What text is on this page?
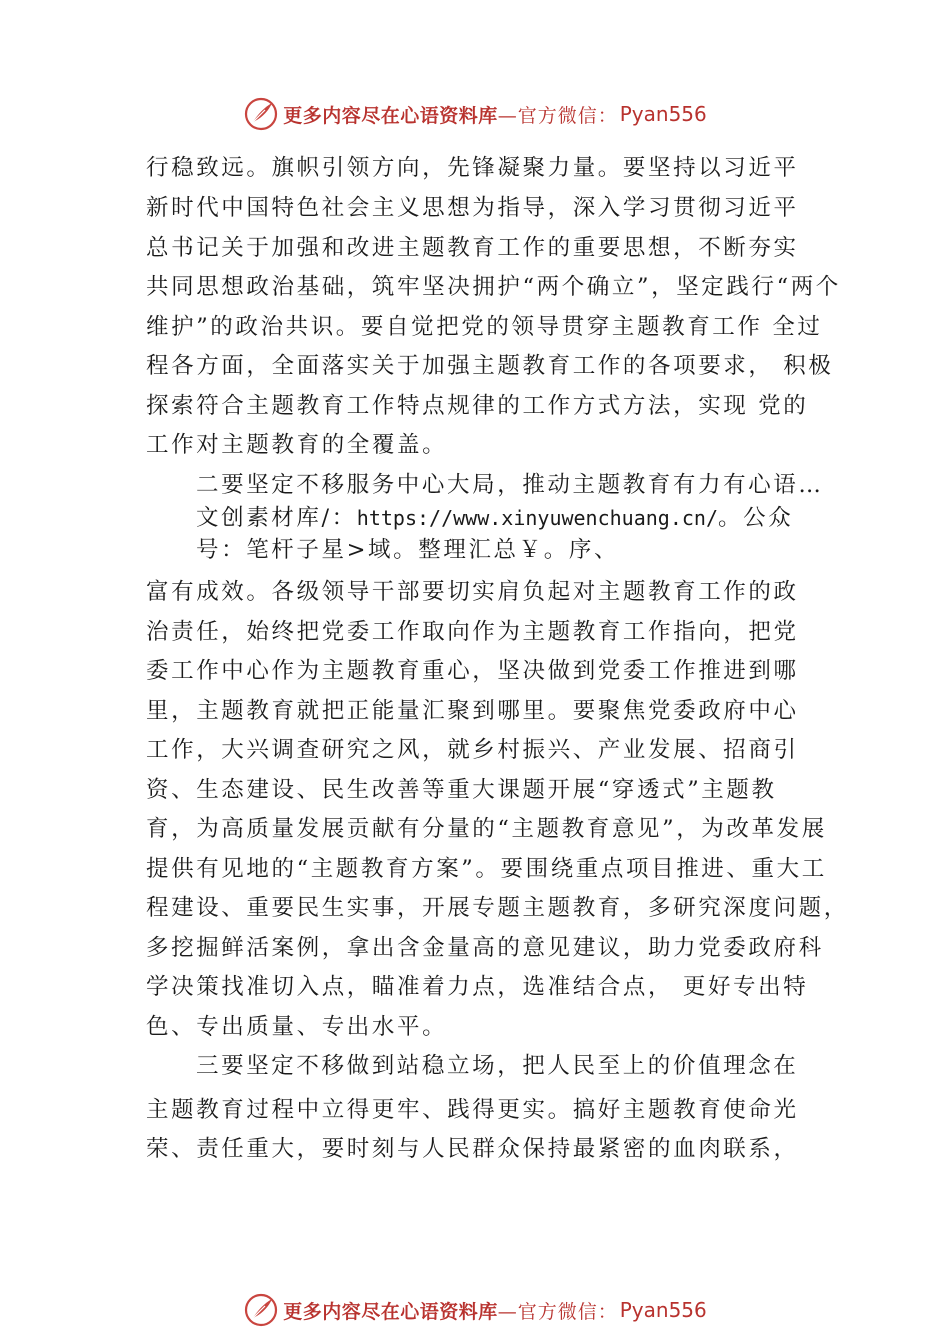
更多内容尽在心语资料库 —官方微信： Pyan556
行稳致远。旗帜引领方向，先锋凝聚力量。要坚持以习近平
新时代中国特色社会主义思想为指导，深入学习贯彻习近平
总书记关于加强和改进主题教育工作的重要思想，不断夯实
共同思想政治基础，筑牢坚决拥护“两个确立”，坚定践行“两个
维护”的政治共识。要自觉把党的领导贯穿主题教育工作 全过
程各方面，全面落实关于加强主题教育工作的各项要求， 积极
探索符合主题教育工作特点规律的工作方式方法，实现 党的
工作对主题教育的全覆盖。
二要坚定不移服务中心大局，推动主题教育有力有心语…
文创素材库/：https://www.xinyuwenchuang.cn/。公众
号：笔杆子星>域。整理汇总￥。序、
富有成效。各级领导干部要切实肩负起对主题教育工作的政
治责任，始终把党委工作取向作为主题教育工作指向，把党
委工作中心作为主题教育重心，坚决做到党委工作推进到哪
里，主题教育就把正能量汇聚到哪里。要聚焦党委政府中心
工作，大兴调查研究之风，就乡村振兴、产业发展、招商引
资、生态建设、民生改善等重大课题开展“穿透式”主题教
育，为高质量发展贡献有分量的“主题教育意见”，为改革发展
提供有见地的“主题教育方案”。要围绕重点项目推进、重大工
程建设、重要民生实事，开展专题主题教育，多研究深度问题，
多挖掘鲜活案例，拿出含金量高的意见建议，助力党委政府科
学决策找准切入点，瞄准着力点，选准结合点， 更好专出特
色、专出质量、专出水平。
三要坚定不移做到站稳立场，把人民至上的价值理念在
主题教育过程中立得更牢、践得更实。搞好主题教育使命光
荣、责任重大，要时刻与人民群众保持最紧密的血肉联系，
更多内容尽在心语资料库 —官方微信： Pyan556
